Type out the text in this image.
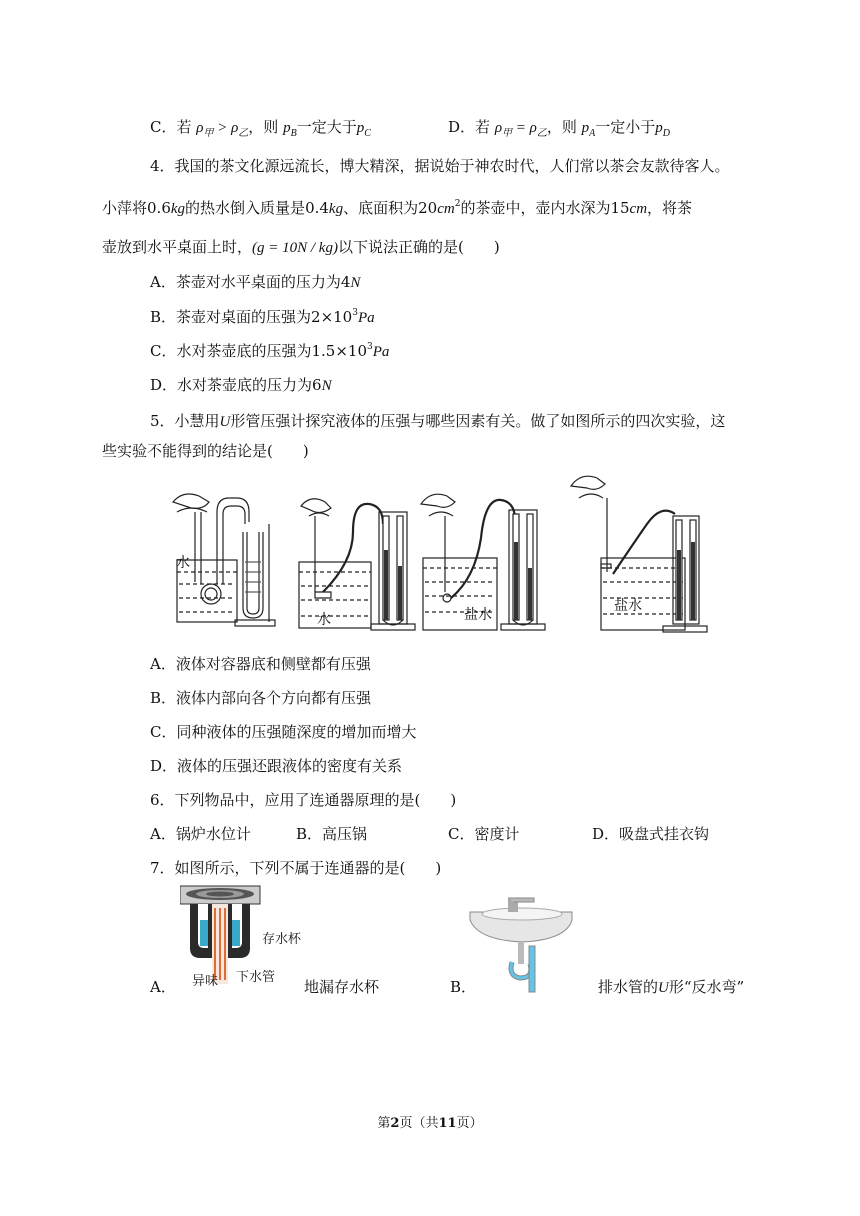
C．若 $\rho_甲 > \rho_乙$，则 $p_B$一定大于$p_C$	D．若 $\rho_甲 = \rho_乙$，则 $p_A$一定小于$p_D$
4．我国的茶文化源远流长，博大精深，据说始于神农时代，人们常以茶会友款待客人。
小萍将0.6kg的热水倒入质量是0.4kg、底面积为$20cm^2$的茶壶中，壶内水深为15cm，将茶
壶放到水平桌面上时，(g = 10N / kg)以下说法正确的是(　　)
A．茶壶对水平桌面的压力为4N
B．茶壶对桌面的压强为$2\times 10^3Pa$
C．水对茶壶底的压强为$1.5\times 10^3Pa$
D．水对茶壶底的压力为6N
5．小慧用U形管压强计探究液体的压强与哪些因素有关。做了如图所示的四次实验，这
些实验不能得到的结论是(　　)
水
水	盐水
盐水
A．液体对容器底和侧壁都有压强
B．液体内部向各个方向都有压强
C．同种液体的压强随深度的增加而增大
D．液体的压强还跟液体的密度有关系
6．下列物品中，应用了连通器原理的是(　　)
A．锅炉水位计	B．高压锅	C．密度计	D．吸盘式挂衣钩
7．如图所示，下列不属于连通器的是(　　)
存水杯
异味 下水管
A．	地漏存水杯	B．	排水管的U形“反水弯”
第2页（共11页）
